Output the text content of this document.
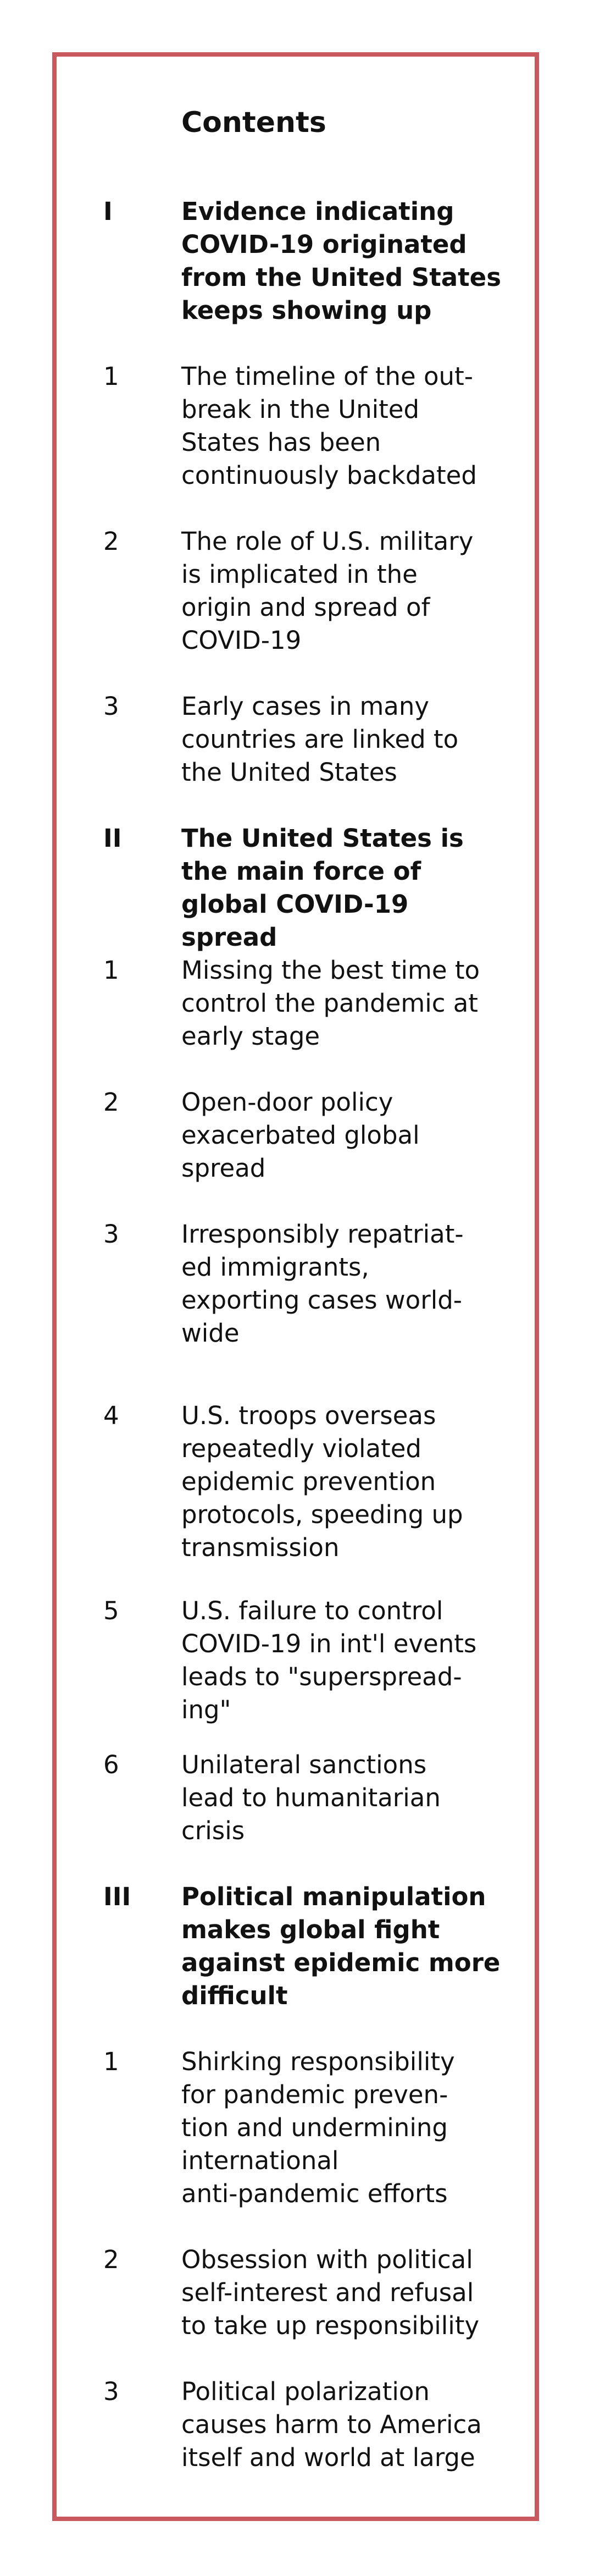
Contents
I	Evidence indicating
COVID-19 originated
from the United States
keeps showing up
1	The timeline of the out-
break in the United
States has been
continuously backdated
2	The role of U.S. military
is implicated in the
origin and spread of
COVID-19
3	Early cases in many
countries are linked to
the United States
II	The United States is
the main force of
global COVID-19 spread
1	Missing the best time to
control the pandemic at
early stage
2	Open-door policy
exacerbated global
spread
3	Irresponsibly repatriat-
ed immigrants,
exporting cases world-
wide
4	U.S. troops overseas
repeatedly violated
epidemic prevention
protocols, speeding up
transmission
5	U.S. failure to control
COVID-19 in int'l events
leads to "superspread-
ing"
6	Unilateral sanctions
lead to humanitarian
crisis
III	Political manipulation
makes global fight
against epidemic more
difficult
1	Shirking responsibility
for pandemic preven-
tion and undermining
international
anti-pandemic efforts
2	Obsession with political
self-interest and refusal
to take up responsibility
3	Political polarization
causes harm to America
itself and world at large
